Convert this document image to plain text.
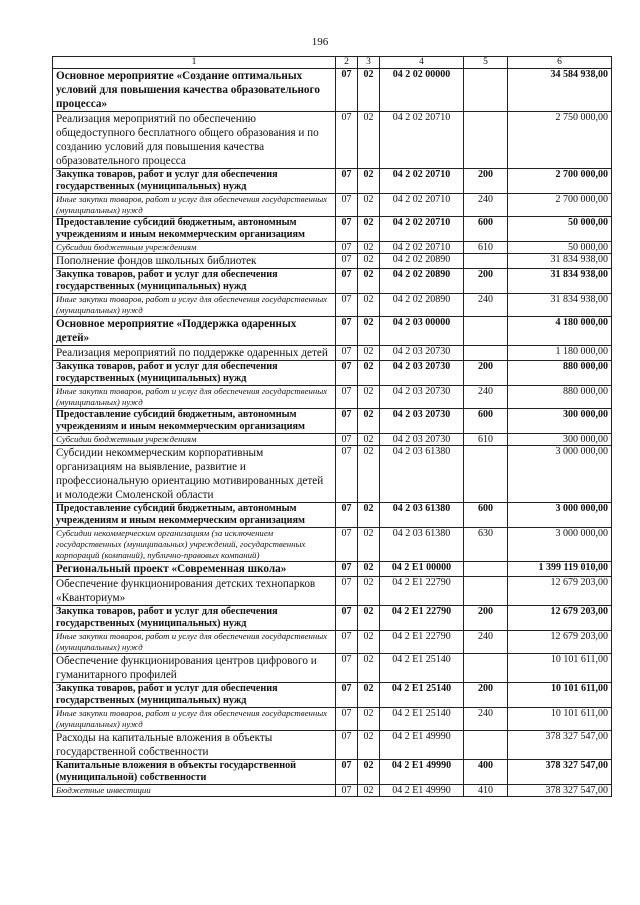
196
1	2	3	4	5	6
Основное мероприятие «Создание оптимальных условий для повышения качества образовательного процесса»	07	02	04 2 02 00000		34 584 938,00
Реализация мероприятий по обеспечению общедоступного бесплатного общего образования и по созданию условий для повышения качества образовательного процесса	07	02	04 2 02 20710		2 750 000,00
Закупка товаров, работ и услуг для обеспечения государственных (муниципальных) нужд	07	02	04 2 02 20710	200	2 700 000,00
Иные закупки товаров, работ и услуг для обеспечения государственных (муниципальных) нужд	07	02	04 2 02 20710	240	2 700 000,00
Предоставление субсидий бюджетным, автономным учреждениям и иным некоммерческим организациям	07	02	04 2 02 20710	600	50 000,00
Субсидии бюджетным учреждениям	07	02	04 2 02 20710	610	50 000,00
Пополнение фондов школьных библиотек	07	02	04 2 02 20890		31 834 938,00
Закупка товаров, работ и услуг для обеспечения государственных (муниципальных) нужд	07	02	04 2 02 20890	200	31 834 938,00
Иные закупки товаров, работ и услуг для обеспечения государственных (муниципальных) нужд	07	02	04 2 02 20890	240	31 834 938,00
Основное мероприятие «Поддержка одаренных детей»	07	02	04 2 03 00000		4 180 000,00
Реализация мероприятий по поддержке одаренных детей	07	02	04 2 03 20730		1 180 000,00
Закупка товаров, работ и услуг для обеспечения государственных (муниципальных) нужд	07	02	04 2 03 20730	200	880 000,00
Иные закупки товаров, работ и услуг для обеспечения государственных (муниципальных) нужд	07	02	04 2 03 20730	240	880 000,00
Предоставление субсидий бюджетным, автономным учреждениям и иным некоммерческим организациям	07	02	04 2 03 20730	600	300 000,00
Субсидии бюджетным учреждениям	07	02	04 2 03 20730	610	300 000,00
Субсидии некоммерческим корпоративным организациям на выявление, развитие и профессиональную ориентацию мотивированных детей и молодежи Смоленской области	07	02	04 2 03 61380		3 000 000,00
Предоставление субсидий бюджетным, автономным учреждениям и иным некоммерческим организациям	07	02	04 2 03 61380	600	3 000 000,00
Субсидии некоммерческим организациям (за исключением государственных (муниципальных) учреждений, государственных корпораций (компаний), публично-правовых компаний)	07	02	04 2 03 61380	630	3 000 000,00
Региональный проект «Современная школа»	07	02	04 2 E1 00000		1 399 119 010,00
Обеспечение функционирования детских технопарков «Кванториум»	07	02	04 2 E1 22790		12 679 203,00
Закупка товаров, работ и услуг для обеспечения государственных (муниципальных) нужд	07	02	04 2 E1 22790	200	12 679 203,00
Иные закупки товаров, работ и услуг для обеспечения государственных (муниципальных) нужд	07	02	04 2 E1 22790	240	12 679 203,00
Обеспечение функционирования центров цифрового и гуманитарного профилей	07	02	04 2 E1 25140		10 101 611,00
Закупка товаров, работ и услуг для обеспечения государственных (муниципальных) нужд	07	02	04 2 E1 25140	200	10 101 611,00
Иные закупки товаров, работ и услуг для обеспечения государственных (муниципальных) нужд	07	02	04 2 E1 25140	240	10 101 611,00
Расходы на капитальные вложения в объекты государственной собственности	07	02	04 2 E1 49990		378 327 547,00
Капитальные вложения в объекты государственной (муниципальной) собственности	07	02	04 2 E1 49990	400	378 327 547,00
Бюджетные инвестиции	07	02	04 2 E1 49990	410	378 327 547,00
